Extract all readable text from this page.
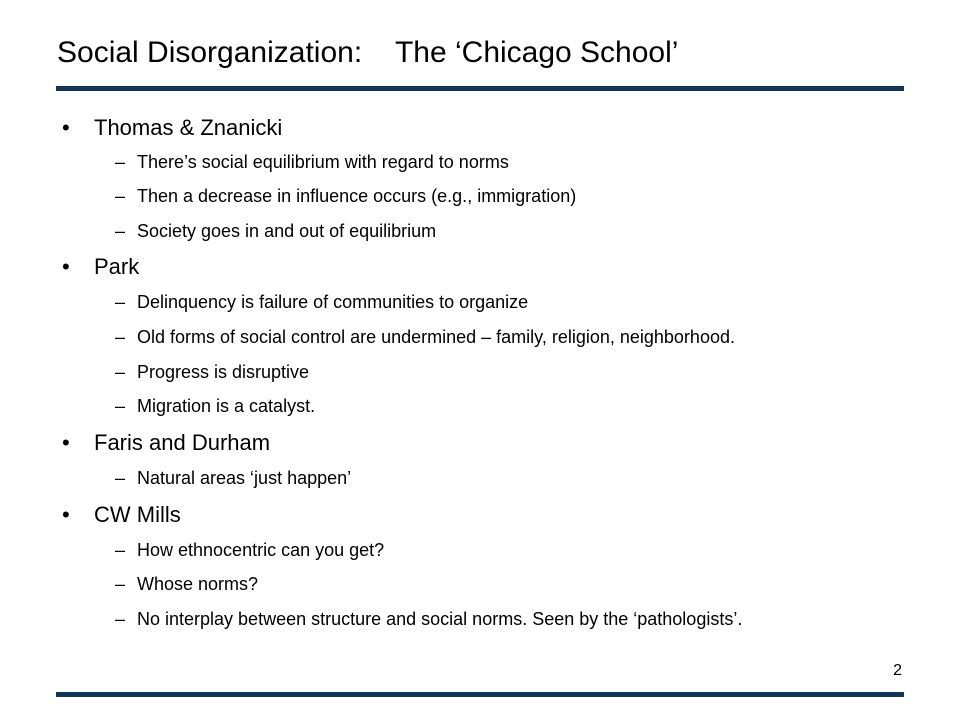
Social Disorganization:    The ‘Chicago School’
• Thomas & Znanicki
– There’s social equilibrium with regard to norms
– Then a decrease in influence occurs (e.g., immigration)
– Society goes in and out of equilibrium
• Park
– Delinquency is failure of communities to organize
– Old forms of social control are undermined – family, religion, neighborhood.
– Progress is disruptive
– Migration is a catalyst.
• Faris and Durham
– Natural areas ‘just happen’
• CW Mills
– How ethnocentric can you get?
– Whose norms?
– No interplay between structure and social norms. Seen by the ‘pathologists’.
2
